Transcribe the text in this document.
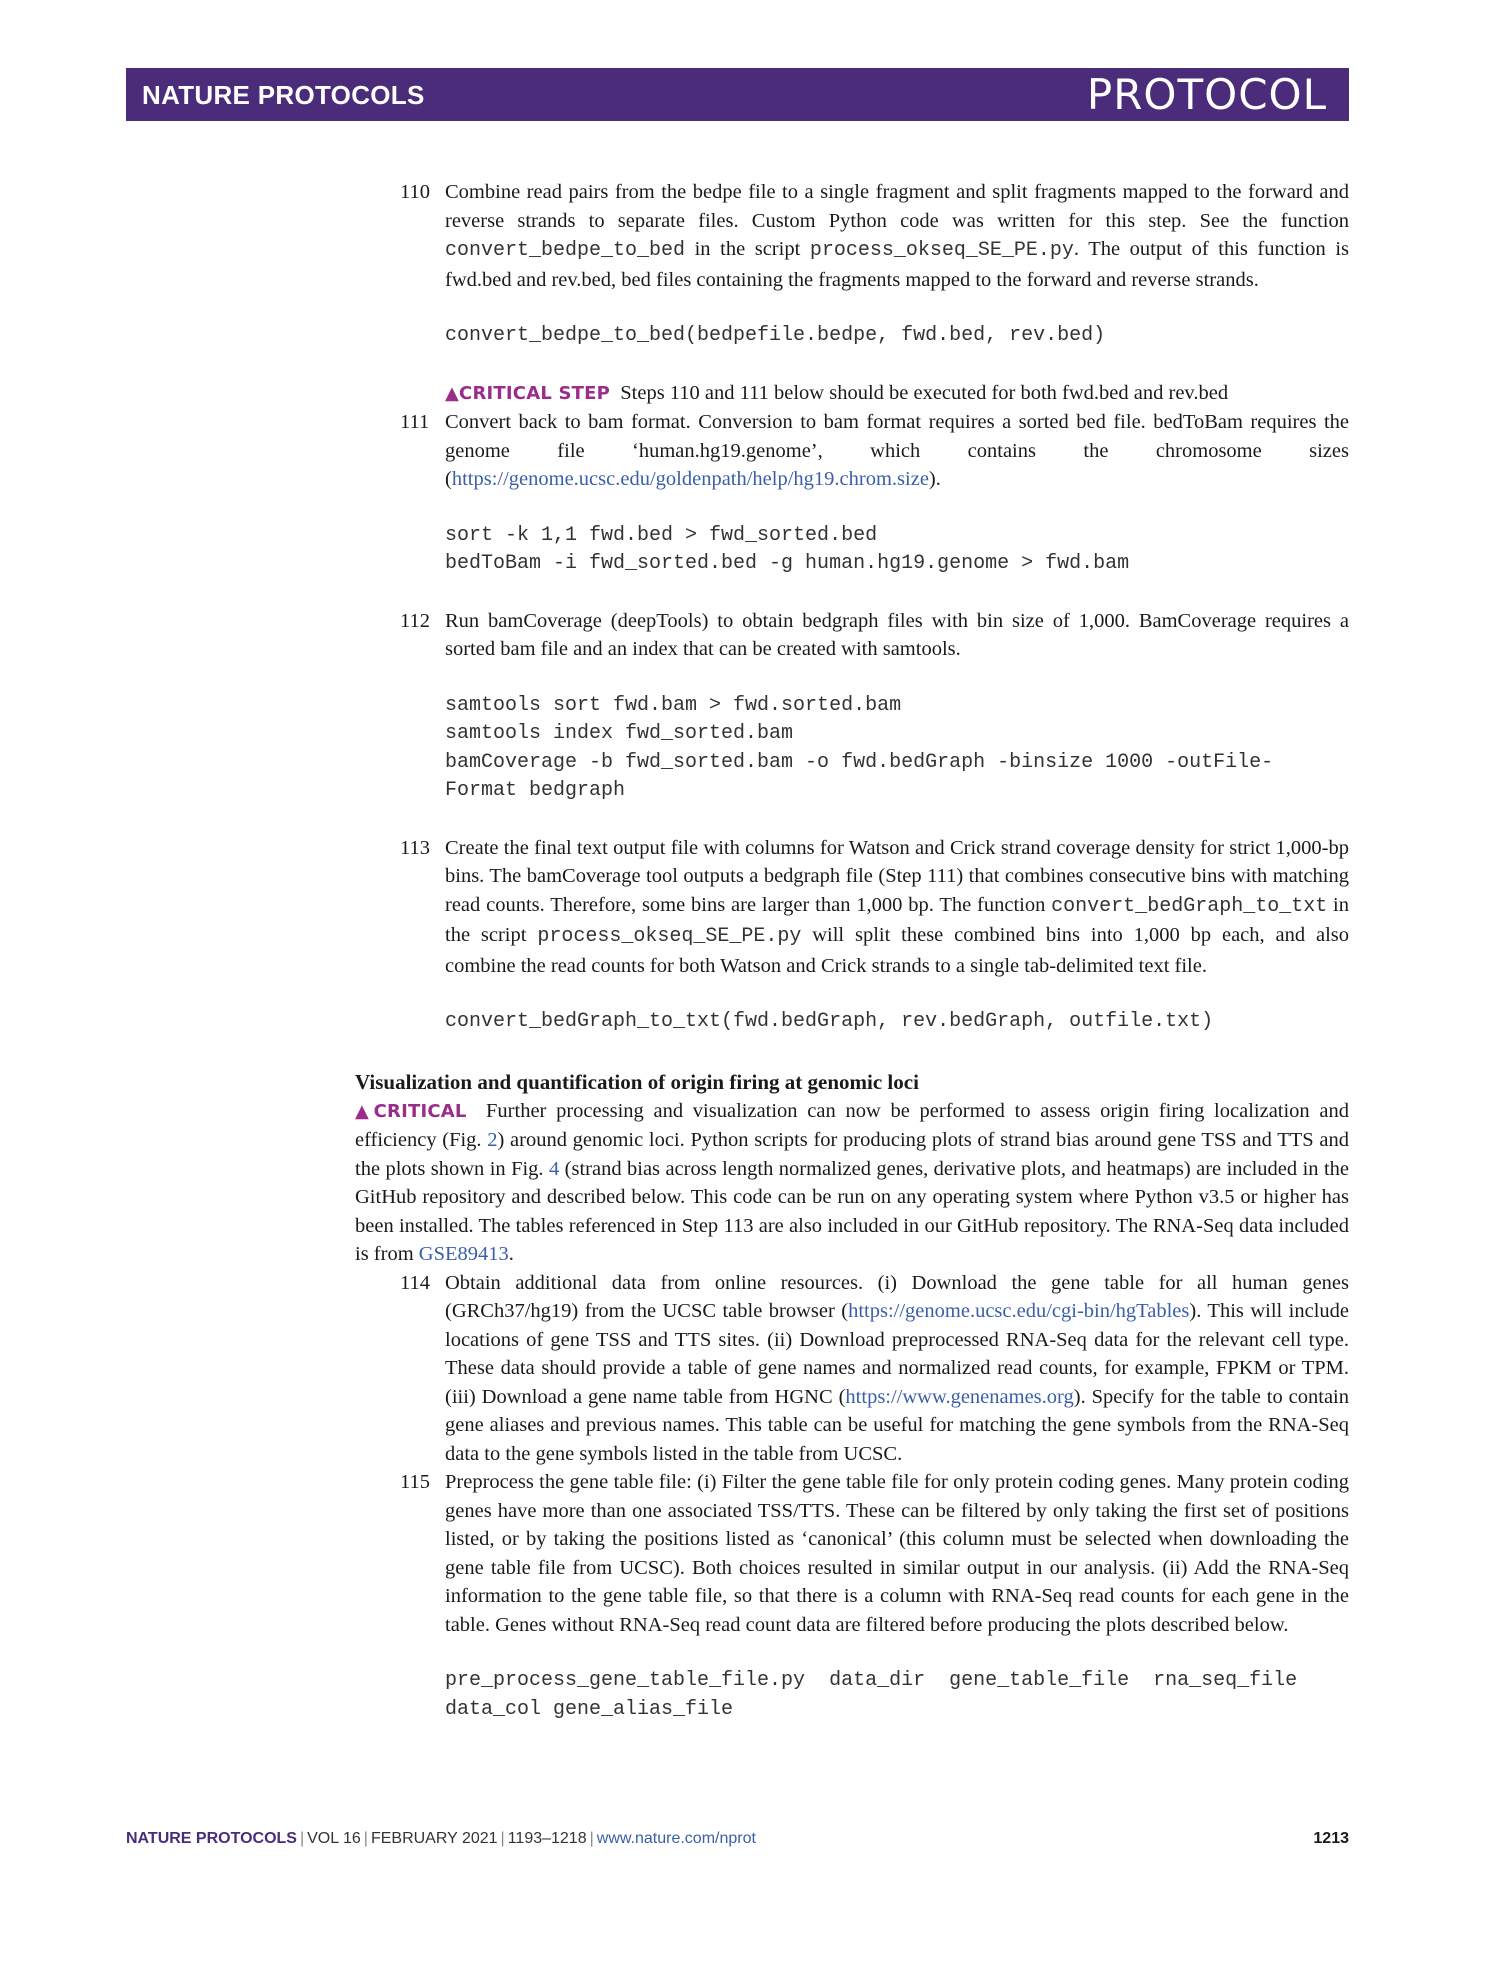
NATURE PROTOCOLS	PROTOCOL
110 Combine read pairs from the bedpe file to a single fragment and split fragments mapped to the forward and reverse strands to separate files. Custom Python code was written for this step. See the function convert_bedpe_to_bed in the script process_okseq_SE_PE.py. The output of this function is fwd.bed and rev.bed, bed files containing the fragments mapped to the forward and reverse strands.
convert_bedpe_to_bed(bedpefile.bedpe, fwd.bed, rev.bed)
▲CRITICAL STEP Steps 110 and 111 below should be executed for both fwd.bed and rev.bed
111 Convert back to bam format. Conversion to bam format requires a sorted bed file. bedToBam requires the genome file ‘human.hg19.genome’, which contains the chromosome sizes (https://genome.ucsc.edu/goldenpath/help/hg19.chrom.size).
sort -k 1,1 fwd.bed > fwd_sorted.bed
bedToBam -i fwd_sorted.bed -g human.hg19.genome > fwd.bam
112 Run bamCoverage (deepTools) to obtain bedgraph files with bin size of 1,000. BamCoverage requires a sorted bam file and an index that can be created with samtools.
samtools sort fwd.bam > fwd.sorted.bam
samtools index fwd_sorted.bam
bamCoverage -b fwd_sorted.bam -o fwd.bedGraph -binsize 1000 -outFile-
Format bedgraph
113 Create the final text output file with columns for Watson and Crick strand coverage density for strict 1,000-bp bins. The bamCoverage tool outputs a bedgraph file (Step 111) that combines consecutive bins with matching read counts. Therefore, some bins are larger than 1,000 bp. The function convert_bedGraph_to_txt in the script process_okseq_SE_PE.py will split these combined bins into 1,000 bp each, and also combine the read counts for both Watson and Crick strands to a single tab-delimited text file.
convert_bedGraph_to_txt(fwd.bedGraph, rev.bedGraph, outfile.txt)
Visualization and quantification of origin firing at genomic loci
▲CRITICAL Further processing and visualization can now be performed to assess origin firing localization and efficiency (Fig. 2) around genomic loci. Python scripts for producing plots of strand bias around gene TSS and TTS and the plots shown in Fig. 4 (strand bias across length normalized genes, derivative plots, and heatmaps) are included in the GitHub repository and described below. This code can be run on any operating system where Python v3.5 or higher has been installed. The tables referenced in Step 113 are also included in our GitHub repository. The RNA-Seq data included is from GSE89413.
114 Obtain additional data from online resources. (i) Download the gene table for all human genes (GRCh37/hg19) from the UCSC table browser (https://genome.ucsc.edu/cgi-bin/hgTables). This will include locations of gene TSS and TTS sites. (ii) Download preprocessed RNA-Seq data for the relevant cell type. These data should provide a table of gene names and normalized read counts, for example, FPKM or TPM. (iii) Download a gene name table from HGNC (https://www.genenames.org). Specify for the table to contain gene aliases and previous names. This table can be useful for matching the gene symbols from the RNA-Seq data to the gene symbols listed in the table from UCSC.
115 Preprocess the gene table file: (i) Filter the gene table file for only protein coding genes. Many protein coding genes have more than one associated TSS/TTS. These can be filtered by only taking the first set of positions listed, or by taking the positions listed as ‘canonical’ (this column must be selected when downloading the gene table file from UCSC). Both choices resulted in similar output in our analysis. (ii) Add the RNA-Seq information to the gene table file, so that there is a column with RNA-Seq read counts for each gene in the table. Genes without RNA-Seq read count data are filtered before producing the plots described below.
pre_process_gene_table_file.py  data_dir  gene_table_file  rna_seq_file
data_col gene_alias_file
NATURE PROTOCOLS | VOL 16 | FEBRUARY 2021 | 1193–1218 | www.nature.com/nprot	1213
